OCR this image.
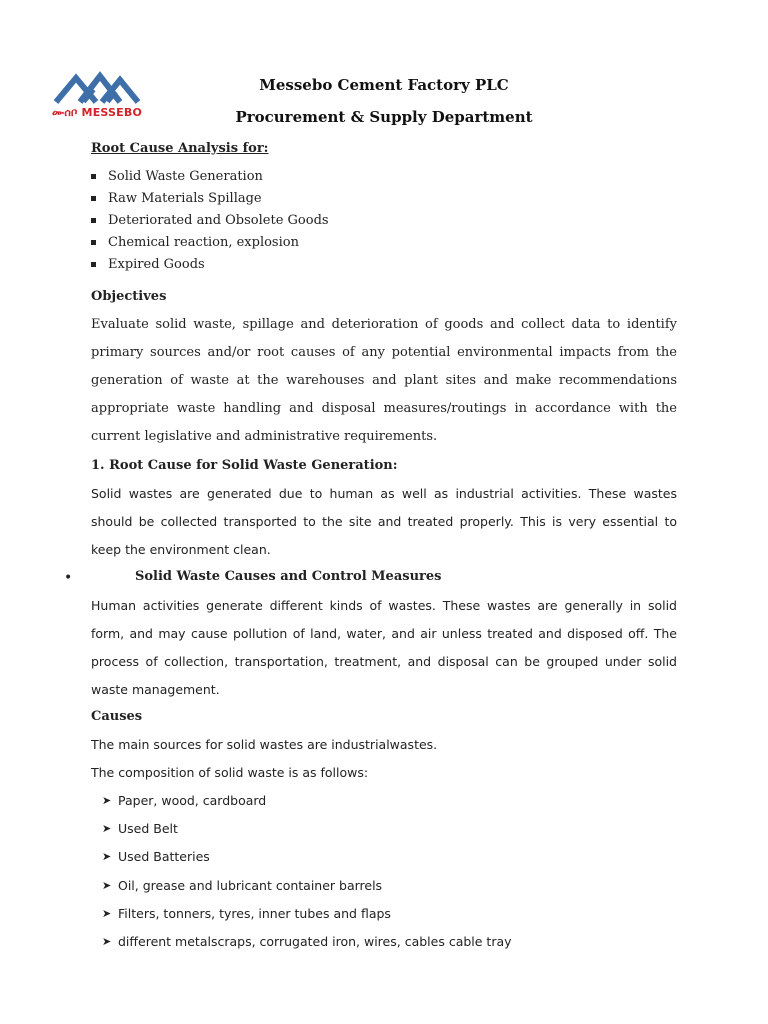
ሙሰቦ MESSEBO
Messebo Cement Factory PLC
Procurement & Supply Department
Root Cause Analysis for:
Solid Waste Generation
Raw Materials Spillage
Deteriorated and Obsolete Goods
Chemical reaction, explosion
Expired Goods
Objectives
Evaluate solid waste, spillage and deterioration of goods and collect data to identify primary sources and/or root causes of any potential environmental impacts from the generation of waste at the warehouses and plant sites and make recommendations appropriate waste handling and disposal measures/routings in accordance with the current legislative and administrative requirements.
1. Root Cause for Solid Waste Generation:
Solid wastes are generated due to human as well as industrial activities. These wastes should be collected transported to the site and treated properly. This is very essential to keep the environment clean.
•	Solid Waste Causes and Control Measures
Human activities generate different kinds of wastes. These wastes are generally in solid form, and may cause pollution of land, water, and air unless treated and disposed off. The process of collection, transportation, treatment, and disposal can be grouped under solid waste management.
Causes
The main sources for solid wastes are industrialwastes.
The composition of solid waste is as follows:
➤ Paper, wood, cardboard
➤ Used Belt
➤ Used Batteries
➤ Oil, grease and lubricant container barrels
➤ Filters, tonners, tyres, inner tubes and flaps
➤ different metalscraps, corrugated iron, wires, cables cable tray
